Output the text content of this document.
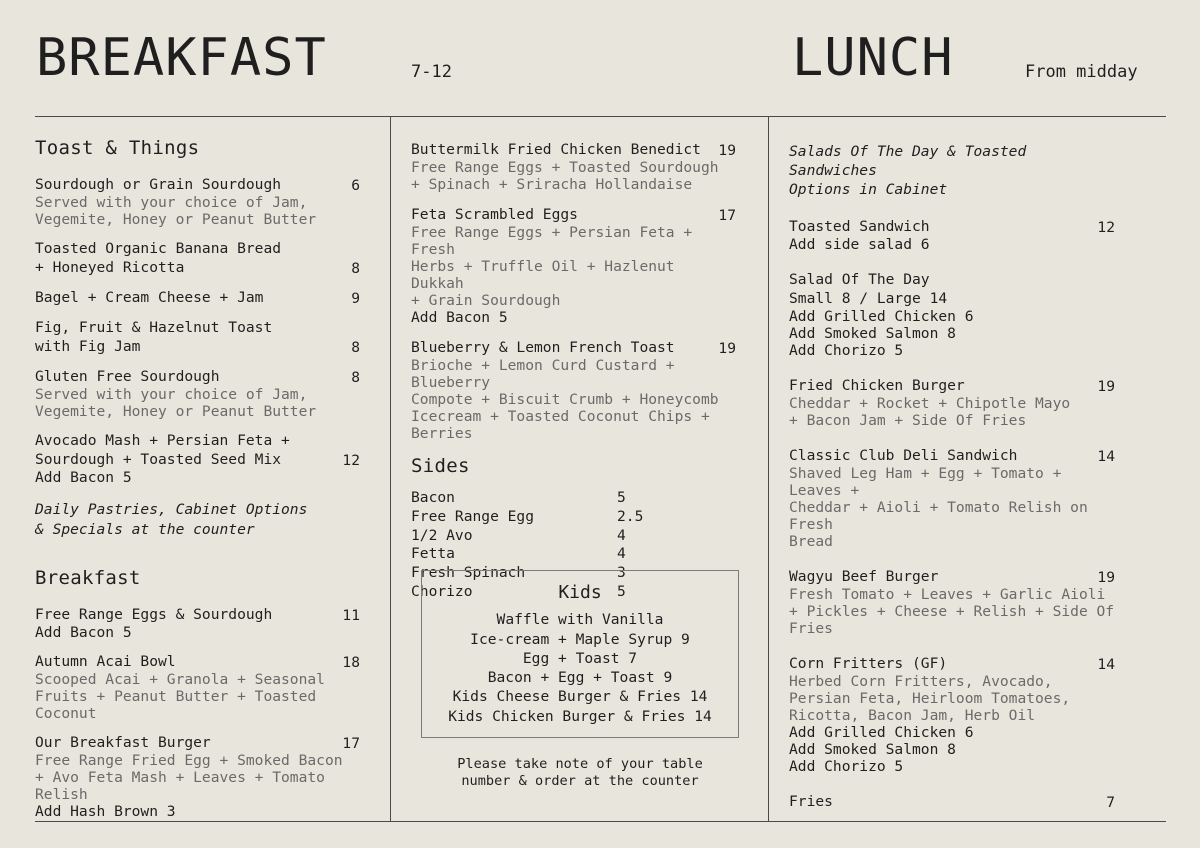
BREAKFAST	7-12	LUNCH	From midday
Toast & Things
Sourdough or Grain Sourdough	6
Served with your choice of Jam,
Vegemite, Honey or Peanut Butter
Toasted Organic Banana Bread
+ Honeyed Ricotta	8
Bagel + Cream Cheese + Jam	9
Fig, Fruit & Hazelnut Toast
with Fig Jam	8
Gluten Free Sourdough	8
Served with your choice of Jam,
Vegemite, Honey or Peanut Butter
Avocado Mash + Persian Feta +
Sourdough + Toasted Seed Mix	12
Add Bacon 5
Daily Pastries, Cabinet Options
& Specials at the counter
Breakfast
Free Range Eggs & Sourdough	11
Add Bacon 5
Autumn Acai Bowl	18
Scooped Acai + Granola + Seasonal
Fruits + Peanut Butter + Toasted Coconut
Our Breakfast Burger	17
Free Range Fried Egg + Smoked Bacon
+ Avo Feta Mash + Leaves + Tomato Relish
Add Hash Brown 3
Buttermilk Fried Chicken Benedict 19
Free Range Eggs + Toasted Sourdough
+ Spinach + Sriracha Hollandaise
Feta Scrambled Eggs	17
Free Range Eggs + Persian Feta + Fresh
Herbs + Truffle Oil + Hazlenut Dukkah
+ Grain Sourdough
Add Bacon 5
Blueberry & Lemon French Toast	19
Brioche + Lemon Curd Custard + Blueberry
Compote + Biscuit Crumb + Honeycomb
Icecream + Toasted Coconut Chips + Berries
Sides
Bacon	5
Free Range Egg	2.5
1/2 Avo	4
Fetta	4
Fresh Spinach	3
Chorizo	5
Kids
Waffle with Vanilla
Ice-cream + Maple Syrup 9
Egg + Toast 7
Bacon + Egg + Toast 9
Kids Cheese Burger & Fries 14
Kids Chicken Burger & Fries 14
Please take note of your table
number & order at the counter
Salads Of The Day & Toasted Sandwiches
Options in Cabinet
Toasted Sandwich	12
Add side salad 6
Salad Of The Day
Small 8 / Large 14
Add Grilled Chicken 6
Add Smoked Salmon 8
Add Chorizo 5
Fried Chicken Burger	19
Cheddar + Rocket + Chipotle Mayo
+ Bacon Jam + Side Of Fries
Classic Club Deli Sandwich	14
Shaved Leg Ham + Egg + Tomato + Leaves +
Cheddar + Aioli + Tomato Relish on Fresh
Bread
Wagyu Beef Burger	19
Fresh Tomato + Leaves + Garlic Aioli
+ Pickles + Cheese + Relish + Side Of
Fries
Corn Fritters (GF)	14
Herbed Corn Fritters, Avocado,
Persian Feta, Heirloom Tomatoes,
Ricotta, Bacon Jam, Herb Oil
Add Grilled Chicken 6
Add Smoked Salmon 8
Add Chorizo 5
Fries	7
